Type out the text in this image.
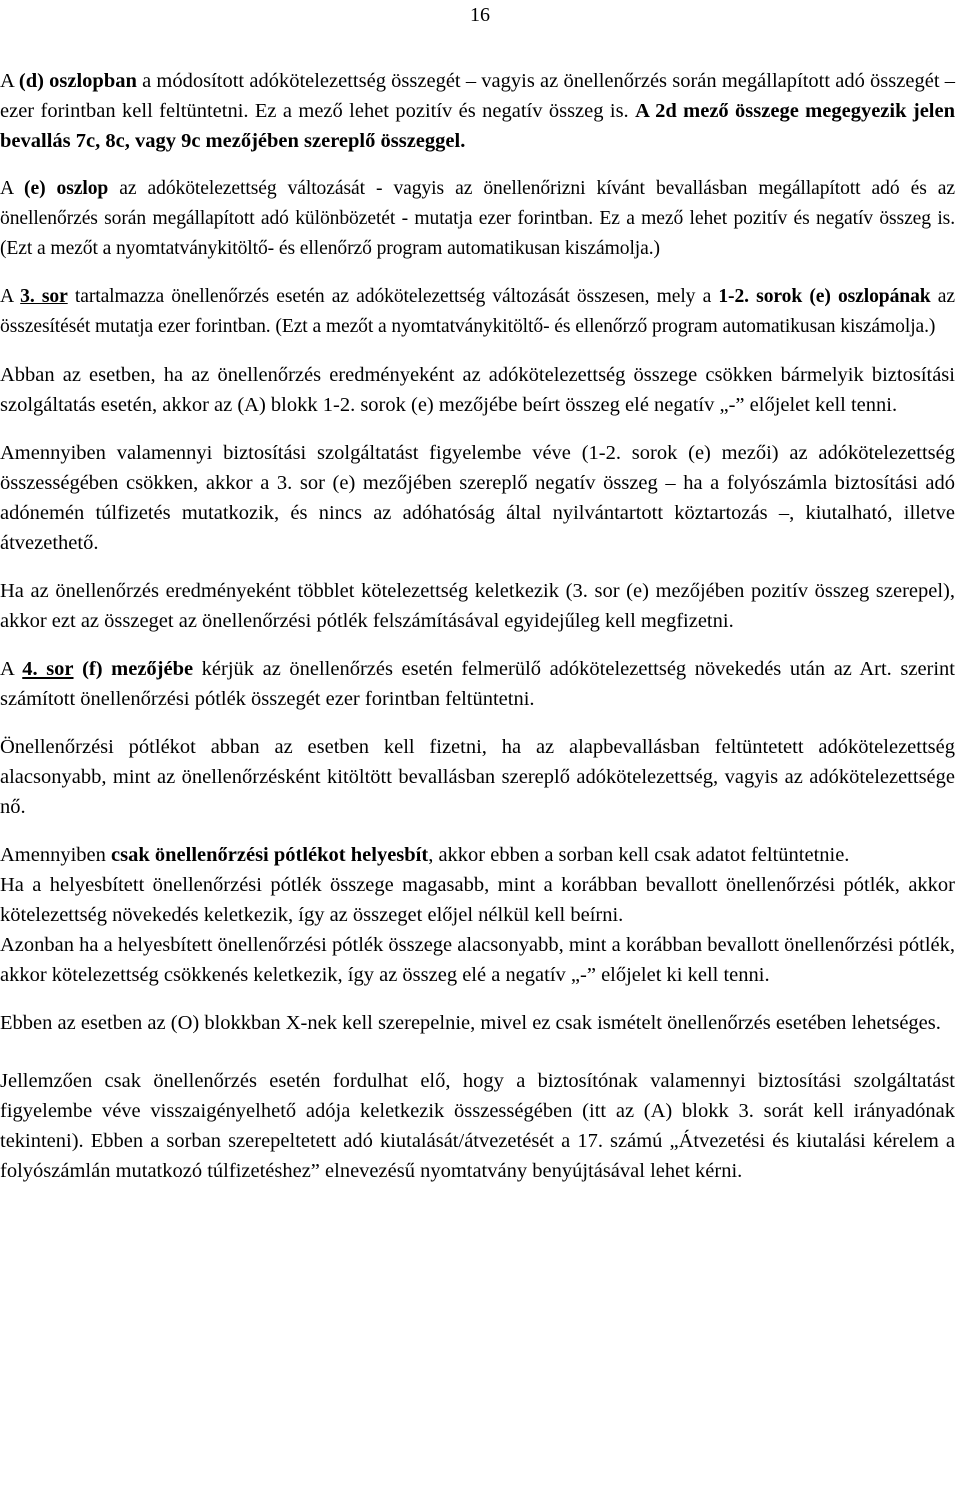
16

A (d) oszlopban a módosított adókötelezettség összegét – vagyis az önellenőrzés során megállapított adó összegét – ezer forintban kell feltüntetni. Ez a mező lehet pozitív és negatív összeg is. A 2d mező összege megegyezik jelen bevallás 7c, 8c, vagy 9c mezőjében szereplő összeggel.

A (e) oszlop az adókötelezettség változását - vagyis az önellenőrizni kívánt bevallásban megállapított adó és az önellenőrzés során megállapított adó különbözetét - mutatja ezer forintban. Ez a mező lehet pozitív és negatív összeg is. (Ezt a mezőt a nyomtatványkitöltő- és ellenőrző program automatikusan kiszámolja.)

A 3. sor tartalmazza önellenőrzés esetén az adókötelezettség változását összesen, mely a 1-2. sorok (e) oszlopának az összesítését mutatja ezer forintban. (Ezt a mezőt a nyomtatványkitöltő- és ellenőrző program automatikusan kiszámolja.)

Abban az esetben, ha az önellenőrzés eredményeként az adókötelezettség összege csökken bármelyik biztosítási szolgáltatás esetén, akkor az (A) blokk 1-2. sorok (e) mezőjébe beírt összeg elé negatív „-” előjelet kell tenni.

Amennyiben valamennyi biztosítási szolgáltatást figyelembe véve (1-2. sorok (e) mezői) az adókötelezettség összességében csökken, akkor a 3. sor (e) mezőjében szereplő negatív összeg – ha a folyószámla biztosítási adó adónemén túlfizetés mutatkozik, és nincs az adóhatóság által nyilvántartott köztartozás –, kiutalható, illetve átvezethető.

Ha az önellenőrzés eredményeként többlet kötelezettség keletkezik (3. sor (e) mezőjében pozitív összeg szerepel), akkor ezt az összeget az önellenőrzési pótlék felszámításával egyidejűleg kell megfizetni.

A 4. sor (f) mezőjébe kérjük az önellenőrzés esetén felmerülő adókötelezettség növekedés után az Art. szerint számított önellenőrzési pótlék összegét ezer forintban feltüntetni.

Önellenőrzési pótlékot abban az esetben kell fizetni, ha az alapbevallásban feltüntetett adókötelezettség alacsonyabb, mint az önellenőrzésként kitöltött bevallásban szereplő adókötelezettség, vagyis az adókötelezettsége nő.

Amennyiben csak önellenőrzési pótlékot helyesbít, akkor ebben a sorban kell csak adatot feltüntetnie.

Ha a helyesbített önellenőrzési pótlék összege magasabb, mint a korábban bevallott önellenőrzési pótlék, akkor kötelezettség növekedés keletkezik, így az összeget előjel nélkül kell beírni.

Azonban ha a helyesbített önellenőrzési pótlék összege alacsonyabb, mint a korábban bevallott önellenőrzési pótlék, akkor kötelezettség csökkenés keletkezik, így az összeg elé a negatív „-” előjelet ki kell tenni.

Ebben az esetben az (O) blokkban X-nek kell szerepelnie, mivel ez csak ismételt önellenőrzés esetében lehetséges.

Jellemzően csak önellenőrzés esetén fordulhat elő, hogy a biztosítónak valamennyi biztosítási szolgáltatást figyelembe véve visszaigényelhető adója keletkezik összességében (itt az (A) blokk 3. sorát kell irányadónak tekinteni). Ebben a sorban szerepeltetett adó kiutalását/átvezetését a 17. számú „Átvezetési és kiutalási kérelem a folyószámlán mutatkozó túlfizetéshez” elnevezésű nyomtatvány benyújtásával lehet kérni.
